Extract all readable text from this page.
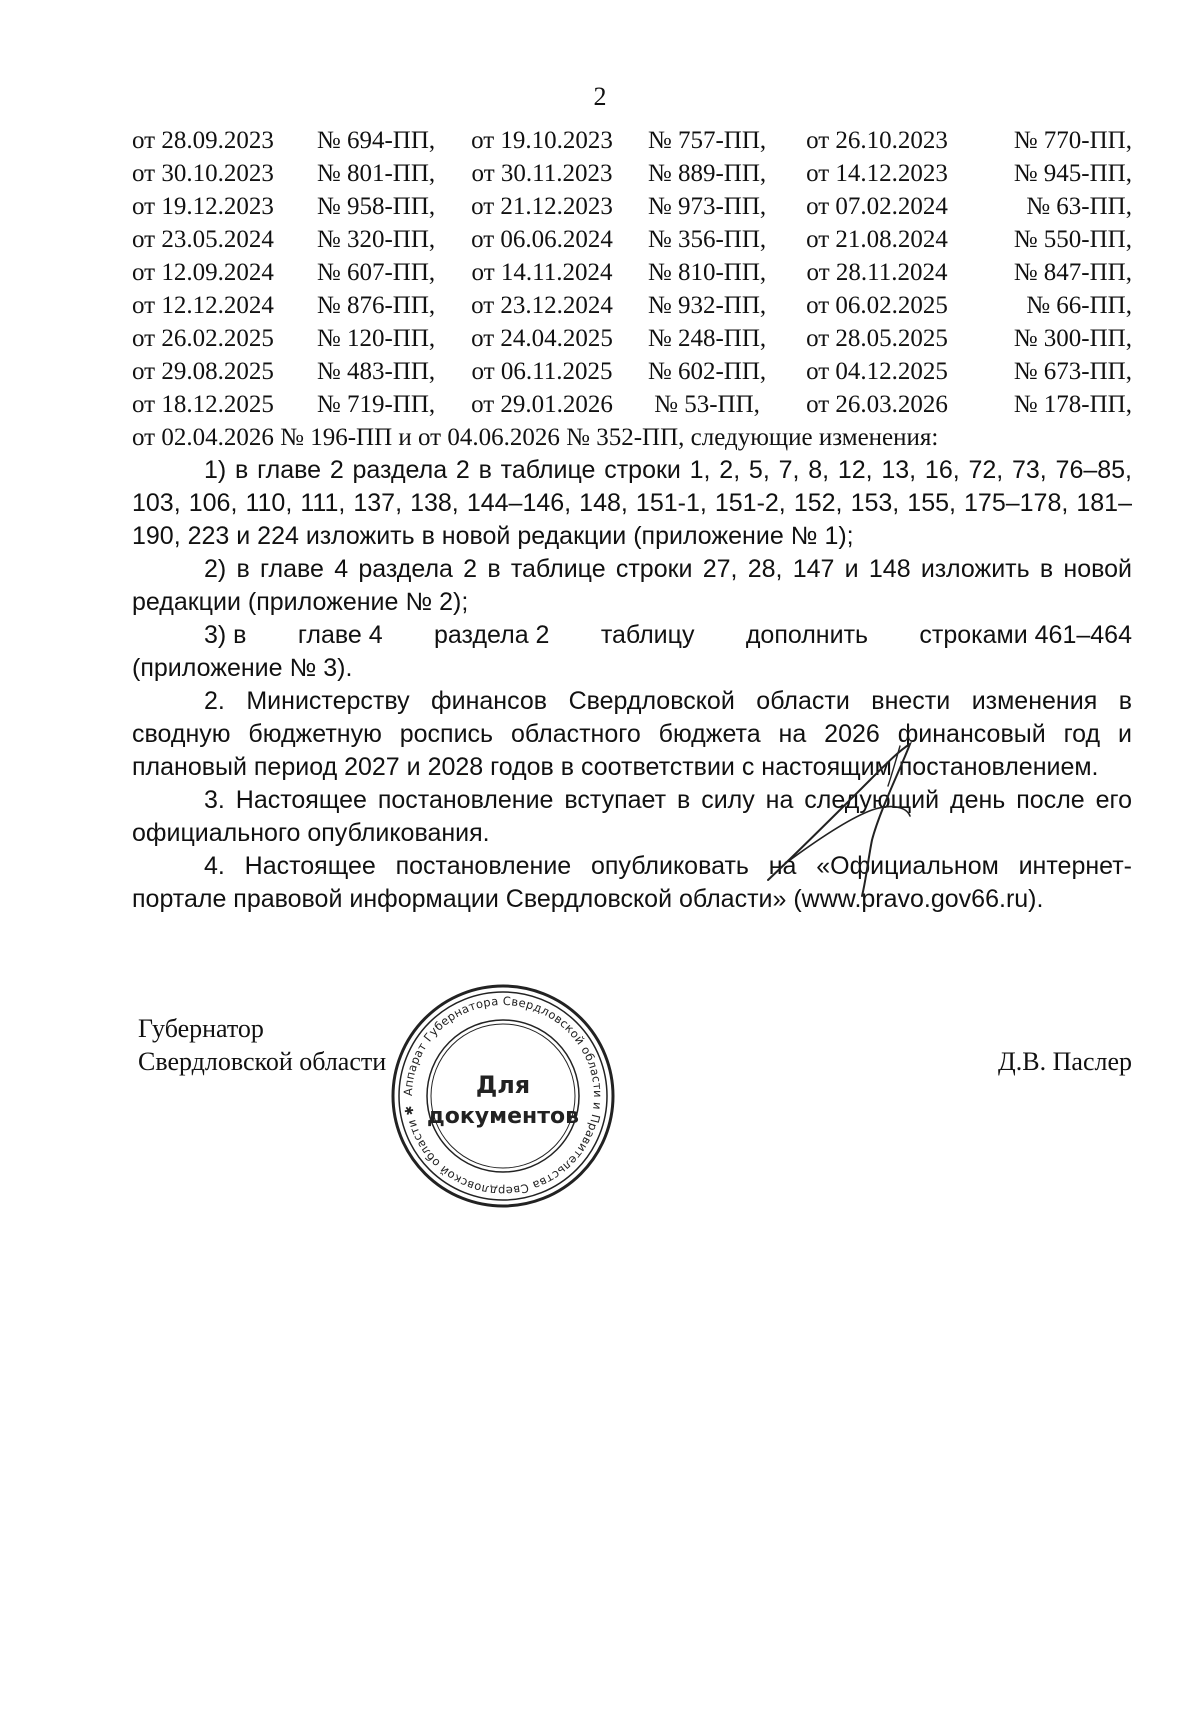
2
от 28.09.2023	№ 694-ПП,	от 19.10.2023	№ 757-ПП,	от 26.10.2023	№ 770-ПП,
от 30.10.2023	№ 801-ПП,	от 30.11.2023	№ 889-ПП,	от 14.12.2023	№ 945-ПП,
от 19.12.2023	№ 958-ПП,	от 21.12.2023	№ 973-ПП,	от 07.02.2024	№ 63-ПП,
от 23.05.2024	№ 320-ПП,	от 06.06.2024	№ 356-ПП,	от 21.08.2024	№ 550-ПП,
от 12.09.2024	№ 607-ПП,	от 14.11.2024	№ 810-ПП,	от 28.11.2024	№ 847-ПП,
от 12.12.2024	№ 876-ПП,	от 23.12.2024	№ 932-ПП,	от 06.02.2025	№ 66-ПП,
от 26.02.2025	№ 120-ПП,	от 24.04.2025	№ 248-ПП,	от 28.05.2025	№ 300-ПП,
от 29.08.2025	№ 483-ПП,	от 06.11.2025	№ 602-ПП,	от 04.12.2025	№ 673-ПП,
от 18.12.2025	№ 719-ПП,	от 29.01.2026	№ 53-ПП,	от 26.03.2026	№ 178-ПП,

от 02.04.2026 № 196-ПП и от 04.06.2026 № 352-ПП, следующие изменения:

1) в главе 2 раздела 2 в таблице строки 1, 2, 5, 7, 8, 12, 13, 16, 72, 73, 76–85, 103, 106, 110, 111, 137, 138, 144–146, 148, 151-1, 151-2, 152, 153, 155, 175–178, 181–190, 223 и 224 изложить в новой редакции (приложение № 1);

2) в главе 4 раздела 2 в таблице строки 27, 28, 147 и 148 изложить в новой редакции (приложение № 2);

3) в главе 4 раздела 2 таблицу дополнить строками 461–464

(приложение № 3).

2. Министерству финансов Свердловской области внести изменения в сводную бюджетную роспись областного бюджета на 2026 финансовый год и плановый период 2027 и 2028 годов в соответствии с настоящим постановлением.

3. Настоящее постановление вступает в силу на следующий день после его официального опубликования.

4. Настоящее постановление опубликовать на «Официальном интернет-портале правовой информации Свердловской области» (www.pravo.gov66.ru).

Губернатор
Свердловской области	Д.В. Паслер
Аппарат Губернатора Свердловской области и Правительства Свердловской области ✱
Для
документов
